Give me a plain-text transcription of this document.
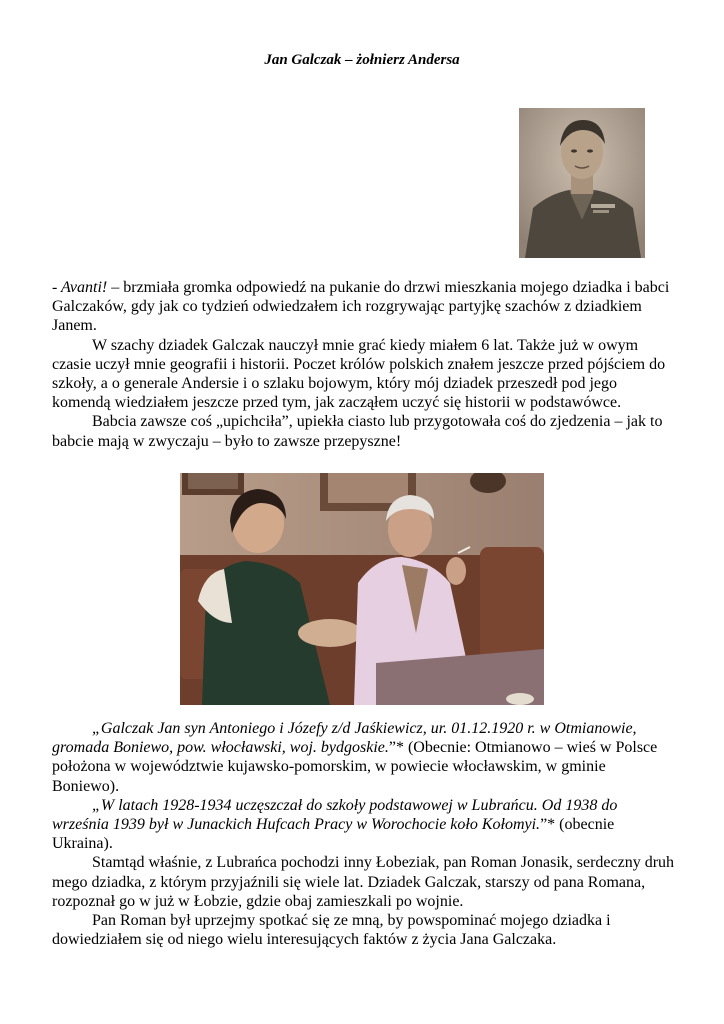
Jan Galczak – żołnierz Andersa

- Avanti! – brzmiała gromka odpowiedź na pukanie do drzwi mieszkania mojego dziadka i babci Galczaków, gdy jak co tydzień odwiedzałem ich rozgrywając partyjkę szachów z dziadkiem Janem.

W szachy dziadek Galczak nauczył mnie grać kiedy miałem 6 lat. Także już w owym czasie uczył mnie geografii i historii. Poczet królów polskich znałem jeszcze przed pójściem do szkoły, a o generale Andersie i o szlaku bojowym, który mój dziadek przeszedł pod jego komendą wiedziałem jeszcze przed tym, jak zacząłem uczyć się historii w podstawówce.

Babcia zawsze coś „upichciła”, upiekła ciasto lub przygotowała coś do zjedzenia – jak to babcie mają w zwyczaju – było to zawsze przepyszne!

„Galczak Jan syn Antoniego i Józefy z/d Jaśkiewicz, ur. 01.12.1920 r. w Otmianowie, gromada Boniewo, pow. włocławski, woj. bydgoskie.”* (Obecnie: Otmianowo – wieś w Polsce położona w województwie kujawsko-pomorskim, w powiecie włocławskim, w gminie Boniewo).

„W latach 1928-1934 uczęszczał do szkoły podstawowej w Lubrańcu. Od 1938 do września 1939 był w Junackich Hufcach Pracy w Worochocie koło Kołomyi.”* (obecnie Ukraina).

Stamtąd właśnie, z Lubrańca pochodzi inny Łobeziak, pan Roman Jonasik, serdeczny druh mego dziadka, z którym przyjaźnili się wiele lat. Dziadek Galczak, starszy od pana Romana, rozpoznał go w już w Łobzie, gdzie obaj zamieszkali po wojnie.

Pan Roman był uprzejmy spotkać się ze mną, by powspominać mojego dziadka i dowiedziałem się od niego wielu interesujących faktów z życia Jana Galczaka.
